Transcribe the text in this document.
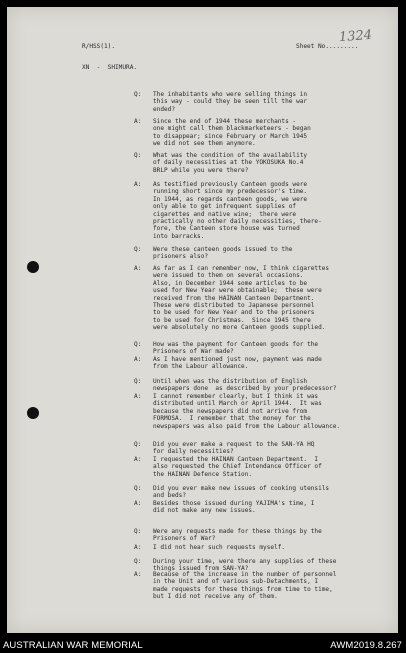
R/HSS(1).	Sheet No.........
1324
XN  -  SHIMURA.
Q:	The inhabitants who were selling things in
this way - could they be seen till the war
ended?
A:	Since the end of 1944 these merchants -
one might call them blackmarketeers - began
to disappear; since February or March 1945
we did not see them anymore.
Q:	What was the condition of the availability
of daily necessities at the YOKOSUKA No.4
BRLP while you were there?
A:	As testified previously Canteen goods were
running short since my predecessor's time.
In 1944, as regards canteen goods, we were
only able to get infrequent supplies of
cigarettes and native wine;  there were
practically no other daily necessities, there-
fore, the Canteen store house was turned
into barracks.
Q:	Were these canteen goods issued to the
prisoners also?
A:	As far as I can remember now, I think cigarettes
were issued to them on several occasions.
Also, in December 1944 some articles to be
used for New Year were obtainable;  these were
received from the HAINAN Canteen Department.
These were distributed to Japanese personnel
to be used for New Year and to the prisoners
to be used for Christmas.  Since 1945 there
were absolutely no more Canteen goods supplied.
Q:	How was the payment for Canteen goods for the
Prisoners of War made?
A:	As I have mentioned just now, payment was made
from the Labour allowance.
Q:	Until when was the distribution of English
newspapers done  as described by your predecessor?
A:	I cannot remember clearly, but I think it was
distributed until March or April 1944.  It was
because the newspapers did not arrive from
FORMOSA.  I remember that the money for the
newspapers was also paid from the Labour allowance.
Q:	Did you ever make a request to the SAN-YA HQ
for daily necessities?
A:	I requested the HAINAN Canteen Department.  I
also requested the Chief Intendance Officer of
the HAINAN Defence Station.
Q:	Did you ever make new issues of cooking utensils
and beds?
A:	Besides those issued during YAJIMA's time, I
did not make any new issues.
Q:	Were any requests made for these things by the
Prisoners of War?
A:	I did not hear such requests myself.
Q:	During your time, were there any supplies of these
things issued from SAN-YA?
A:	Because of the increase in the number of personnel
in the Unit and of various sub-Detachments, I
made requests for these things from time to time,
but I did not receive any of them.
AUSTRALIAN WAR MEMORIAL	AWM2019.8.267
